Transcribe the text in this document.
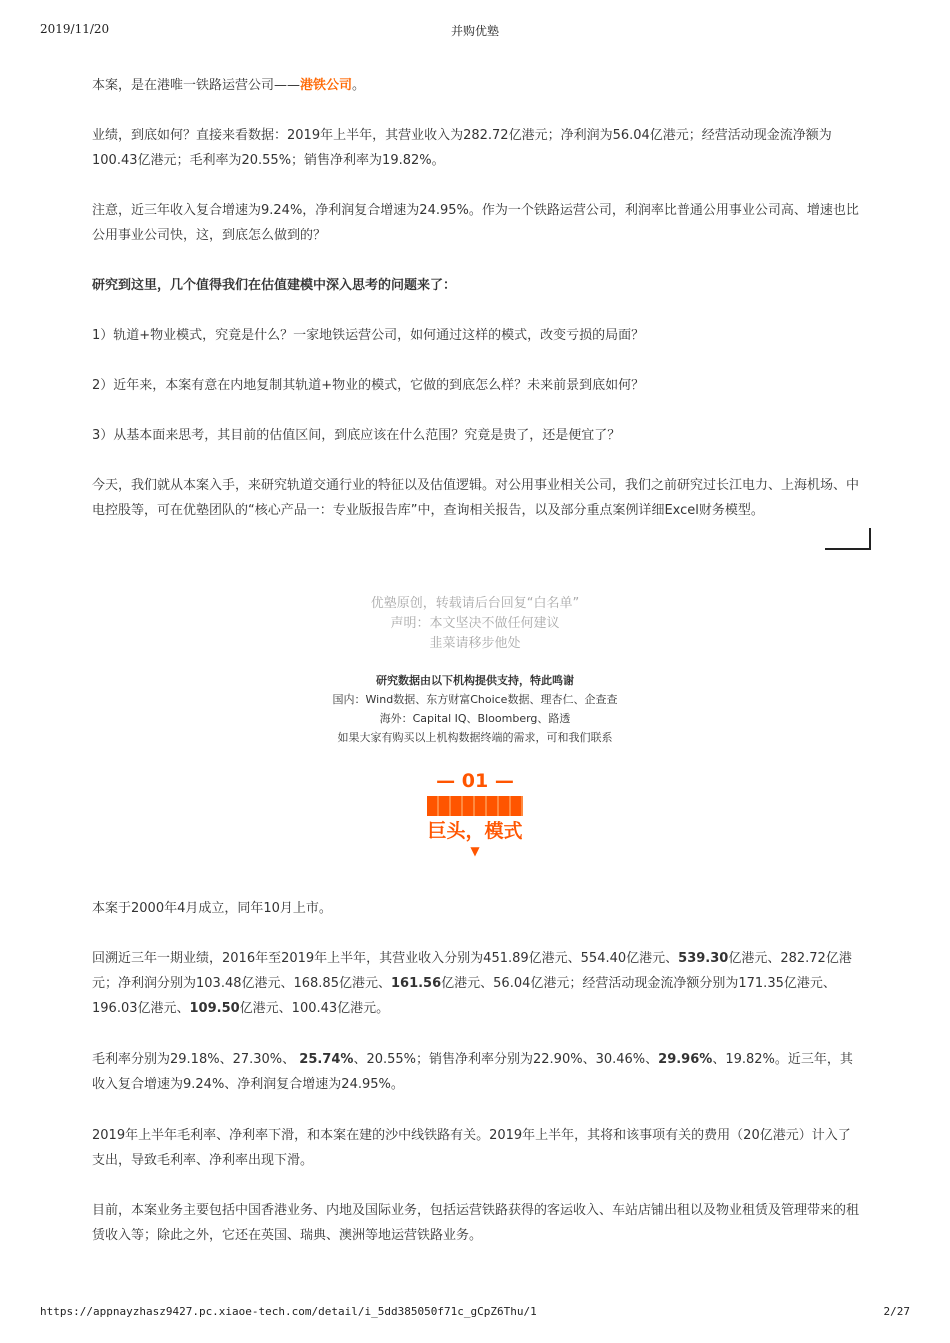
2019/11/20	并购优塾

本案，是在港唯一铁路运营公司——港铁公司。

业绩，到底如何？直接来看数据：2019年上半年，其营业收入为282.72亿港元；净利润为56.04亿港元；经营活动现金流净额为100.43亿港元；毛利率为20.55%；销售净利率为19.82%。

注意，近三年收入复合增速为9.24%，净利润复合增速为24.95%。作为一个铁路运营公司，利润率比普通公用事业公司高、增速也比公用事业公司快，这，到底怎么做到的？

研究到这里，几个值得我们在估值建模中深入思考的问题来了：

1）轨道+物业模式，究竟是什么？一家地铁运营公司，如何通过这样的模式，改变亏损的局面？

2）近年来，本案有意在内地复制其轨道+物业的模式，它做的到底怎么样？未来前景到底如何？

3）从基本面来思考，其目前的估值区间，到底应该在什么范围？究竟是贵了，还是便宜了？

今天，我们就从本案入手，来研究轨道交通行业的特征以及估值逻辑。对公用事业相关公司，我们之前研究过长江电力、上海机场、中电控股等，可在优塾团队的“核心产品一：专业版报告库”中，查询相关报告，以及部分重点案例详细Excel财务模型。

优塾原创，转载请后台回复“白名单”
声明：本文坚决不做任何建议
韭菜请移步他处
研究数据由以下机构提供支持，特此鸣谢
国内：Wind数据、东方财富Choice数据、理杏仁、企查查
海外：Capital IQ、Bloomberg、路透
如果大家有购买以上机构数据终端的需求，可和我们联系
— 01 —
巨头，模式
▼

本案于2000年4月成立，同年10月上市。

回溯近三年一期业绩，2016年至2019年上半年，其营业收入分别为451.89亿港元、554.40亿港元、539.30亿港元、282.72亿港元；净利润分别为103.48亿港元、168.85亿港元、161.56亿港元、56.04亿港元；经营活动现金流净额分别为171.35亿港元、196.03亿港元、109.50亿港元、100.43亿港元。

毛利率分别为29.18%、27.30%、 25.74%、20.55%；销售净利率分别为22.90%、30.46%、29.96%、19.82%。近三年，其收入复合增速为9.24%、净利润复合增速为24.95%。

2019年上半年毛利率、净利率下滑，和本案在建的沙中线铁路有关。2019年上半年，其将和该事项有关的费用（20亿港元）计入了支出，导致毛利率、净利率出现下滑。

目前，本案业务主要包括中国香港业务、内地及国际业务，包括运营铁路获得的客运收入、车站店铺出租以及物业租赁及管理带来的租赁收入等；除此之外，它还在英国、瑞典、澳洲等地运营铁路业务。

https://appnayzhasz9427.pc.xiaoe-tech.com/detail/i_5dd385050f71c_gCpZ6Thu/1	2/27
